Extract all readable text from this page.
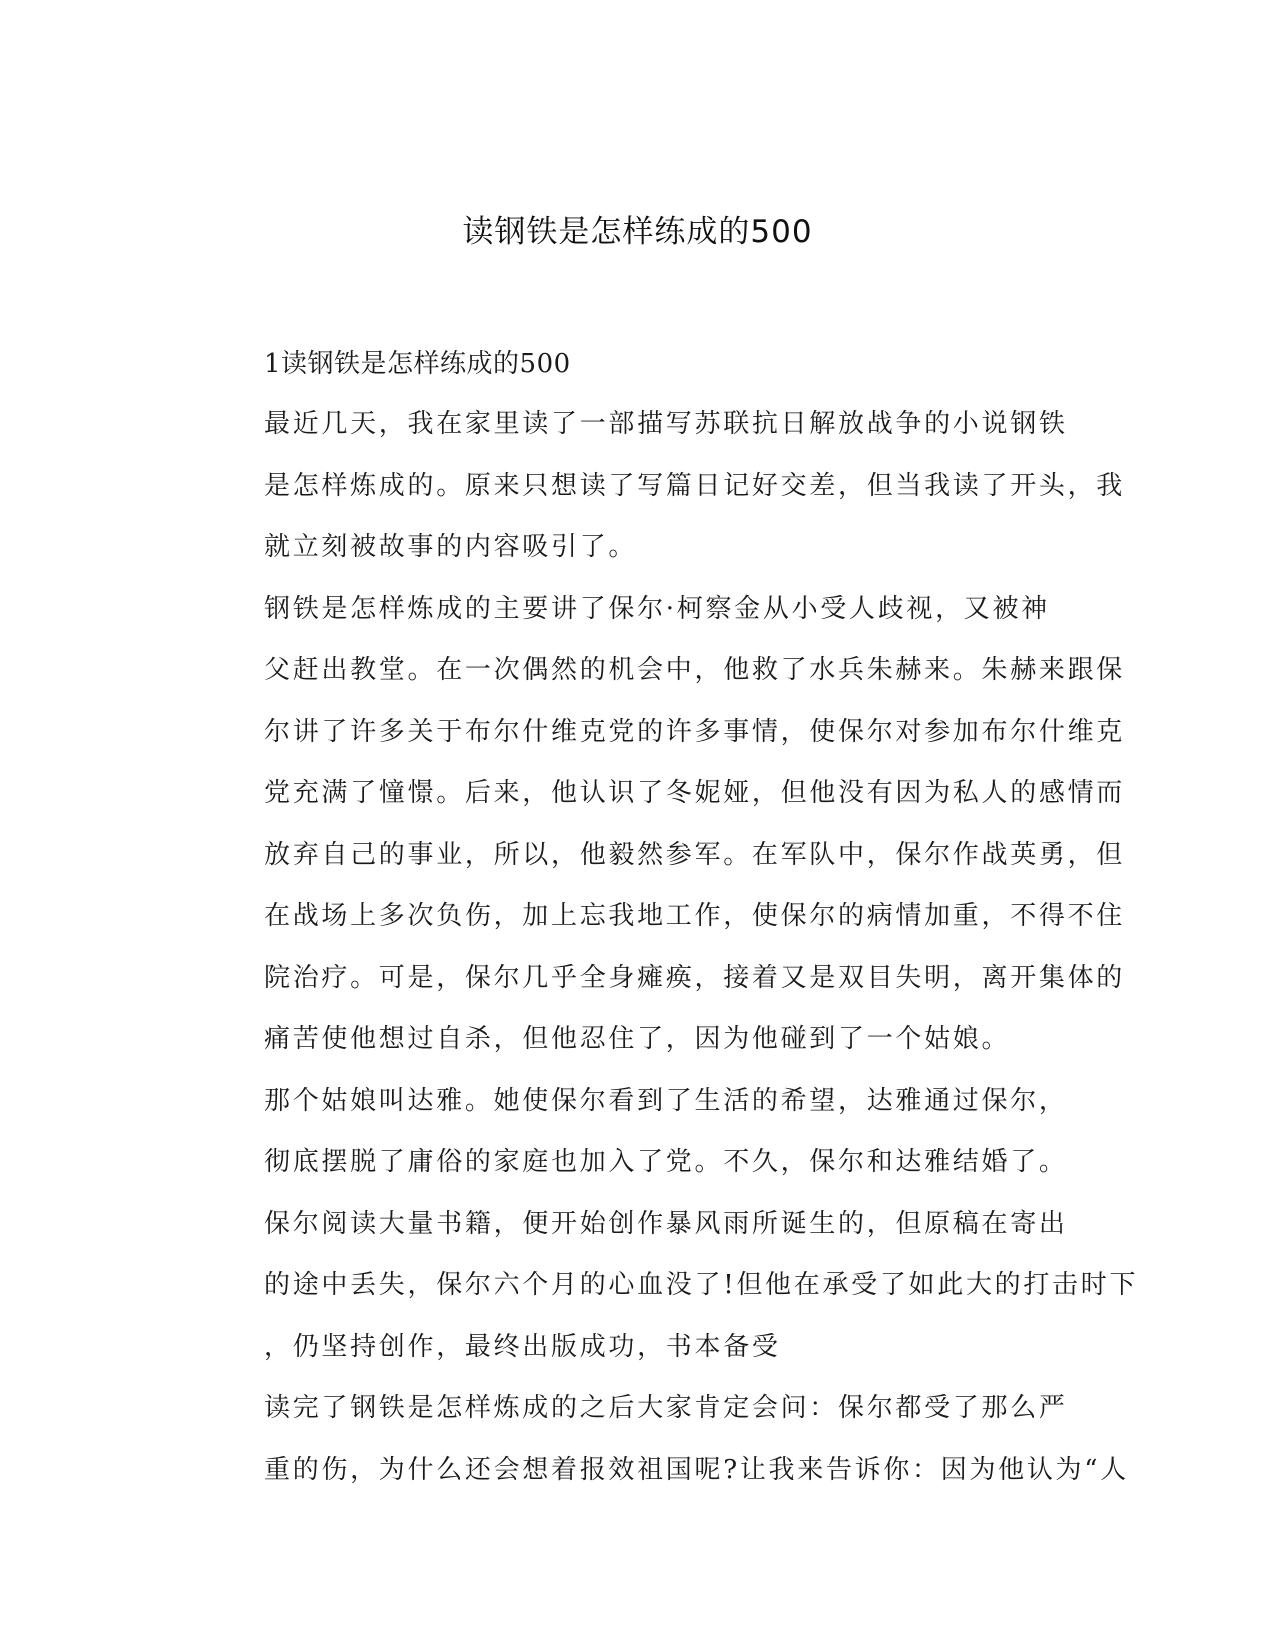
读钢铁是怎样练成的500

1读钢铁是怎样练成的500

最近几天，我在家里读了一部描写苏联抗日解放战争的小说钢铁
是怎样炼成的。原来只想读了写篇日记好交差，但当我读了开头，我
就立刻被故事的内容吸引了。

钢铁是怎样炼成的主要讲了保尔·柯察金从小受人歧视，又被神
父赶出教堂。在一次偶然的机会中，他救了水兵朱赫来。朱赫来跟保
尔讲了许多关于布尔什维克党的许多事情，使保尔对参加布尔什维克
党充满了憧憬。后来，他认识了冬妮娅，但他没有因为私人的感情而
放弃自己的事业，所以，他毅然参军。在军队中，保尔作战英勇，但
在战场上多次负伤，加上忘我地工作，使保尔的病情加重，不得不住
院治疗。可是，保尔几乎全身瘫痪，接着又是双目失明，离开集体的
痛苦使他想过自杀，但他忍住了，因为他碰到了一个姑娘。

那个姑娘叫达雅。她使保尔看到了生活的希望，达雅通过保尔，
彻底摆脱了庸俗的家庭也加入了党。不久，保尔和达雅结婚了。

保尔阅读大量书籍，便开始创作暴风雨所诞生的，但原稿在寄出
的途中丢失，保尔六个月的心血没了!但他在承受了如此大的打击时下
，仍坚持创作，最终出版成功，书本备受

读完了钢铁是怎样炼成的之后大家肯定会问：保尔都受了那么严
重的伤，为什么还会想着报效祖国呢?让我来告诉你：因为他认为“人
